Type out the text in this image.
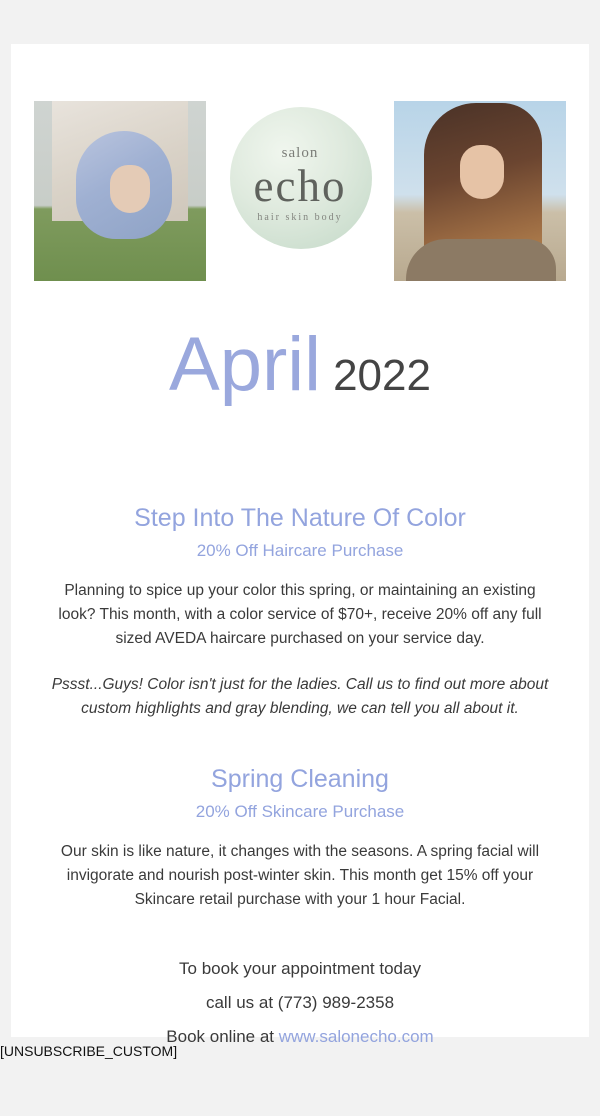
salon
echo
hair skin body
April 2022
Step Into The Nature Of Color
20% Off Haircare Purchase

Planning to spice up your color this spring, or maintaining an existing look? This month, with a color service of $70+, receive 20% off any full sized AVEDA haircare purchased on your service day.

Pssst...Guys! Color isn't just for the ladies. Call us to find out more about custom highlights and gray blending, we can tell you all about it.

Spring Cleaning
20% Off Skincare Purchase

Our skin is like nature, it changes with the seasons. A spring facial will invigorate and nourish post-winter skin. This month get 15% off your Skincare retail purchase with your 1 hour Facial.

To book your appointment today
call us at (773) 989-2358
Book online at www.salonecho.com
[UNSUBSCRIBE_CUSTOM]
